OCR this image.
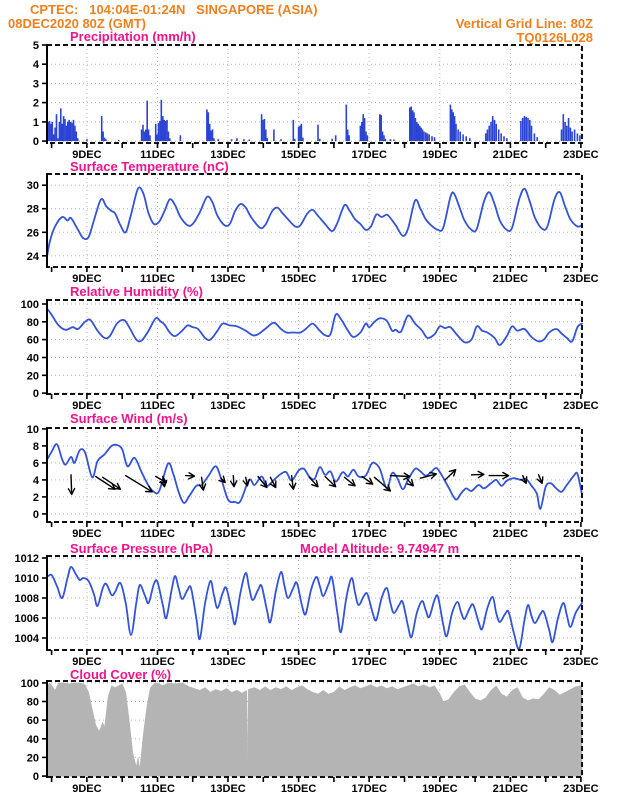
CPTEC:   104:04E-01:24N   SINGAPORE (ASIA)
08DEC2020 80Z (GMT)	Vertical Grid Line: 80Z
TQ0126L028
Precipitation (mm/h)
Surface Temperature (nC)
Relative Humidity (%)
Surface Wind (m/s)
Surface Pressure (hPa)	Model Altitude: 9.74947 m
Cloud Cover (%)
0
1
2
3
4
5
9DEC	11DEC	13DEC	15DEC	17DEC	19DEC	21DEC	23DEC
24
26
28
30
9DEC	11DEC	13DEC	15DEC	17DEC	19DEC	21DEC	23DEC
0
20
40
60
80
100
9DEC	11DEC	13DEC	15DEC	17DEC	19DEC	21DEC	23DEC
0
2
4
6
8
10
9DEC	11DEC	13DEC	15DEC	17DEC	19DEC	21DEC	23DEC
1004
1006
1008
1010
1012
9DEC	11DEC	13DEC	15DEC	17DEC	19DEC	21DEC	23DEC
0
20
40
60
80
100
9DEC	11DEC	13DEC	15DEC	17DEC	19DEC	21DEC	23DEC
